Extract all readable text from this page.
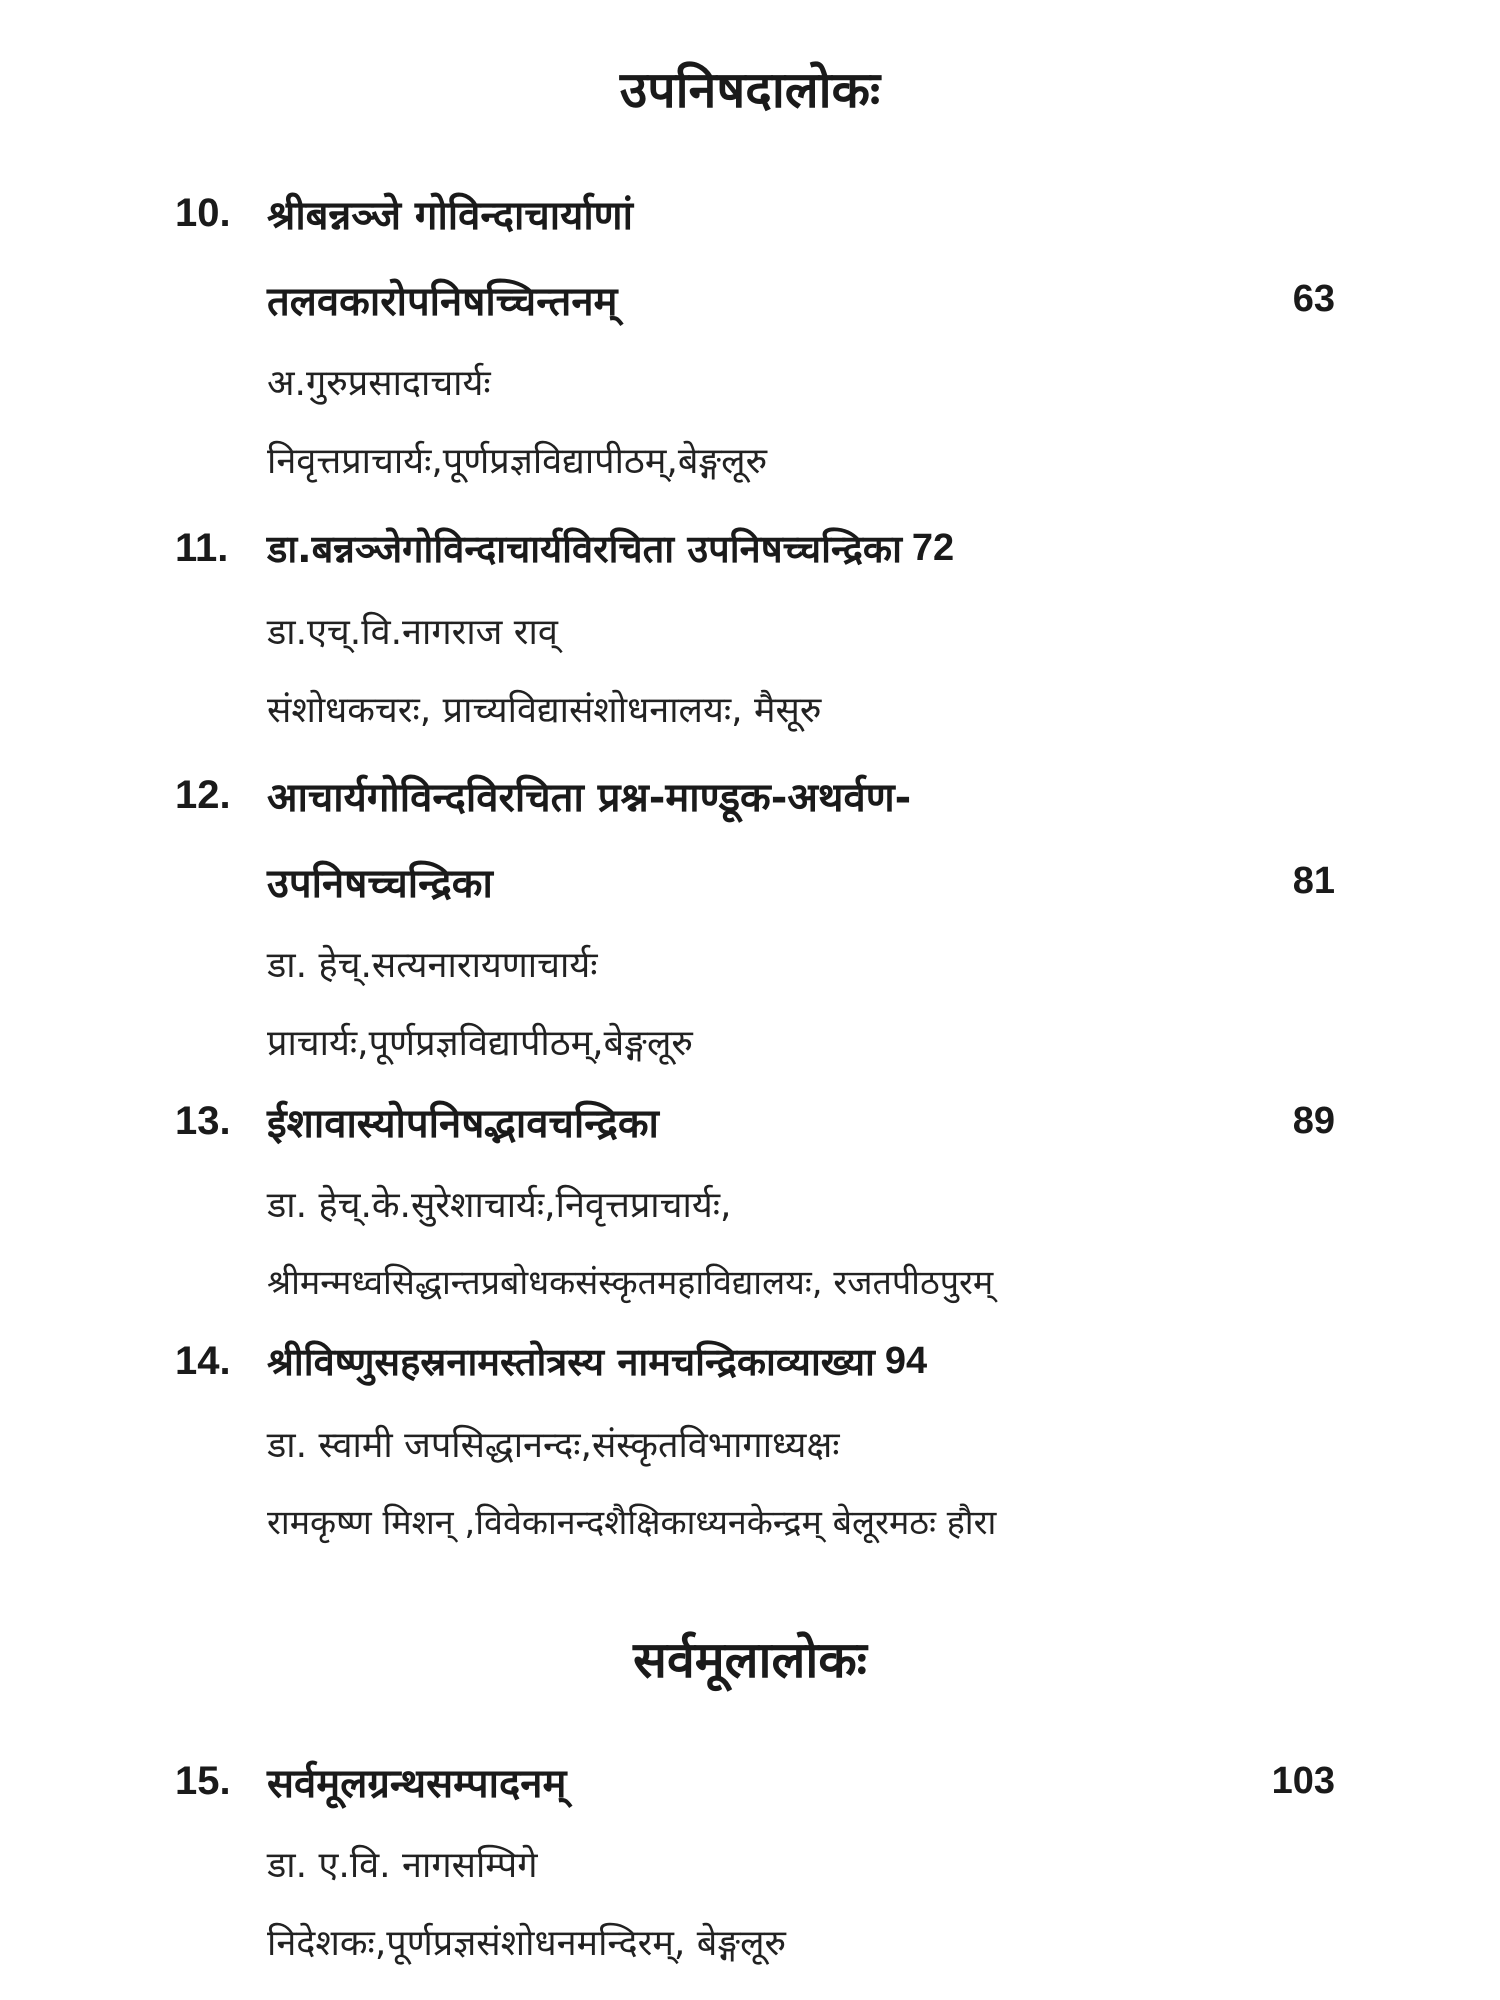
उपनिषदालोकः
10. श्रीबन्नञ्जे गोविन्दाचार्याणां
तलवकारोपनिषच्चिन्तनम्	63
अ.गुरुप्रसादाचार्यः
निवृत्तप्राचार्यः,पूर्णप्रज्ञविद्यापीठम्,बेङ्गलूरु
11.	डा.बन्नञ्जेगोविन्दाचार्यविरचिता उपनिषच्चन्द्रिका 72
डा.एच्.वि.नागराज राव्
संशोधकचरः, प्राच्यविद्यासंशोधनालयः, मैसूरु
12. आचार्यगोविन्दविरचिता प्रश्न-माण्डूक-अथर्वण-
उपनिषच्चन्द्रिका	81
डा. हेच्.सत्यनारायणाचार्यः
प्राचार्यः,पूर्णप्रज्ञविद्यापीठम्,बेङ्गलूरु
13. ईशावास्योपनिषद्भावचन्द्रिका	89
डा. हेच्.के.सुरेशाचार्यः,निवृत्तप्राचार्यः,
श्रीमन्मध्वसिद्धान्तप्रबोधकसंस्कृतमहाविद्यालयः, रजतपीठपुरम्
14. श्रीविष्णुसहस्रनामस्तोत्रस्य नामचन्द्रिकाव्याख्या 94
डा. स्वामी जपसिद्धानन्दः,संस्कृतविभागाध्यक्षः
रामकृष्ण मिशन् ,विवेकानन्दशैक्षिकाध्यनकेन्द्रम् बेलूरमठः हौरा
सर्वमूलालोकः
15. सर्वमूलग्रन्थसम्पादनम्	103
डा. ए.वि. नागसम्पिगे
निदेशकः,पूर्णप्रज्ञसंशोधनमन्दिरम्, बेङ्गलूरु
